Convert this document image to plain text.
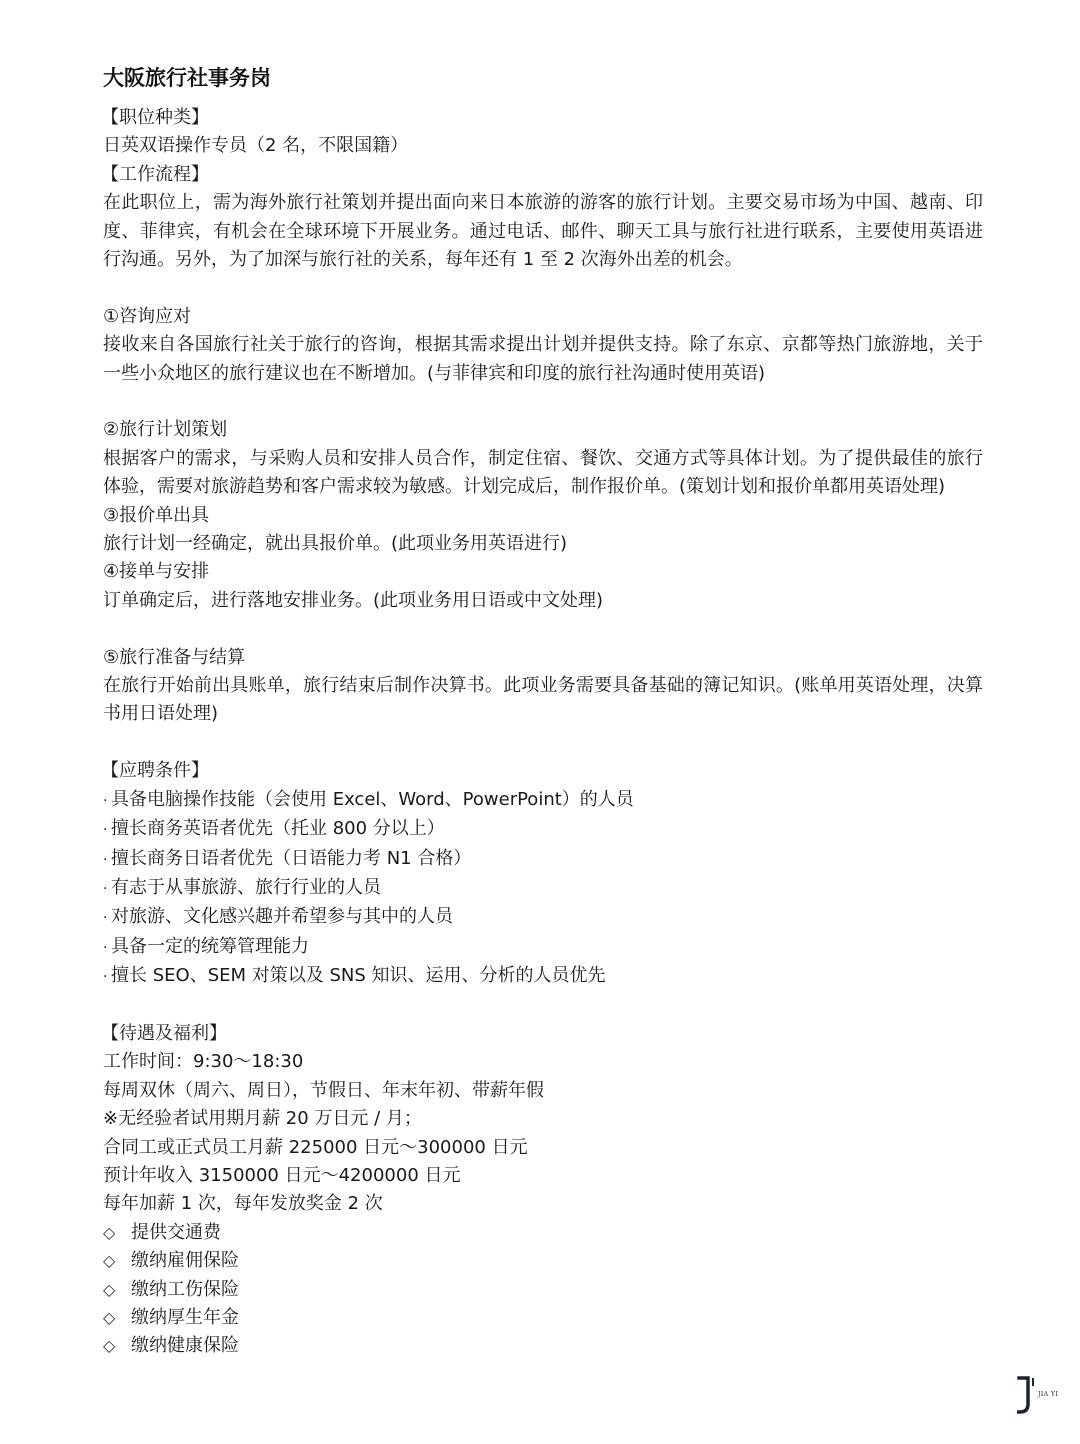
大阪旅行社事务岗

【职位种类】

日英双语操作专员（2 名，不限国籍）

【工作流程】

在此职位上，需为海外旅行社策划并提出面向来日本旅游的游客的旅行计划。主要交易市场为中国、越南、印度、菲律宾，有机会在全球环境下开展业务。通过电话、邮件、聊天工具与旅行社进行联系，主要使用英语进行沟通。另外，为了加深与旅行社的关系，每年还有 1 至 2 次海外出差的机会。

①咨询应对

接收来自各国旅行社关于旅行的咨询，根据其需求提出计划并提供支持。除了东京、京都等热门旅游地，关于一些小众地区的旅行建议也在不断增加。(与菲律宾和印度的旅行社沟通时使用英语)

②旅行计划策划

根据客户的需求，与采购人员和安排人员合作，制定住宿、餐饮、交通方式等具体计划。为了提供最佳的旅行体验，需要对旅游趋势和客户需求较为敏感。计划完成后，制作报价单。(策划计划和报价单都用英语处理)

③报价单出具

旅行计划一经确定，就出具报价单。(此项业务用英语进行)

④接单与安排

订单确定后，进行落地安排业务。(此项业务用日语或中文处理)

⑤旅行准备与结算

在旅行开始前出具账单，旅行结束后制作决算书。此项业务需要具备基础的簿记知识。(账单用英语处理，决算书用日语处理)

【应聘条件】

· 具备电脑操作技能（会使用 Excel、Word、PowerPoint）的人员
· 擅长商务英语者优先（托业 800 分以上）
· 擅长商务日语者优先（日语能力考 N1 合格）
· 有志于从事旅游、旅行行业的人员
· 对旅游、文化感兴趣并希望参与其中的人员
· 具备一定的统筹管理能力
· 擅长 SEO、SEM 对策以及 SNS 知识、运用、分析的人员优先

【待遇及福利】

工作时间：9:30～18:30

每周双休（周六、周日），节假日、年末年初、带薪年假

※无经验者试用期月薪 20 万日元 / 月；

合同工或正式员工月薪 225000 日元～300000 日元

预计年收入 3150000 日元～4200000 日元

每年加薪 1 次，每年发放奖金 2 次

◇ 提供交通费
◇ 缴纳雇佣保险
◇ 缴纳工伤保险
◇ 缴纳厚生年金
◇ 缴纳健康保险
JIA YI
